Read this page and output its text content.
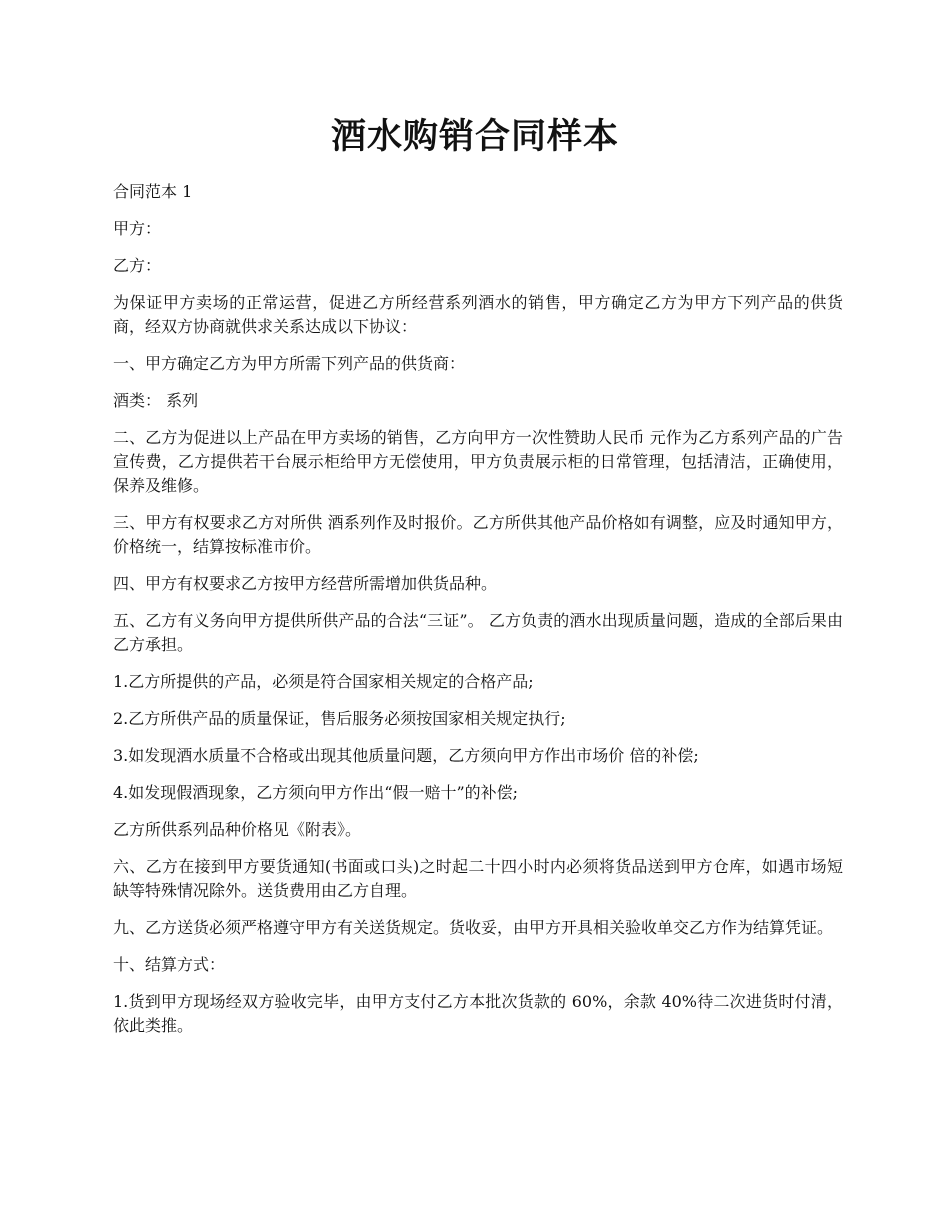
酒水购销合同样本

合同范本 1

甲方：

乙方：

为保证甲方卖场的正常运营，促进乙方所经营系列酒水的销售，甲方确定乙方为甲方下列产品的供货商，经双方协商就供求关系达成以下协议：

一、甲方确定乙方为甲方所需下列产品的供货商：

酒类： 系列

二、乙方为促进以上产品在甲方卖场的销售，乙方向甲方一次性赞助人民币 元作为乙方系列产品的广告宣传费，乙方提供若干台展示柜给甲方无偿使用，甲方负责展示柜的日常管理，包括清洁，正确使用，保养及维修。

三、甲方有权要求乙方对所供 酒系列作及时报价。乙方所供其他产品价格如有调整，应及时通知甲方，价格统一，结算按标准市价。

四、甲方有权要求乙方按甲方经营所需增加供货品种。

五、乙方有义务向甲方提供所供产品的合法“三证”。 乙方负责的酒水出现质量问题，造成的全部后果由乙方承担。

1.乙方所提供的产品，必须是符合国家相关规定的合格产品;

2.乙方所供产品的质量保证，售后服务必须按国家相关规定执行;

3.如发现酒水质量不合格或出现其他质量问题，乙方须向甲方作出市场价 倍的补偿;

4.如发现假酒现象，乙方须向甲方作出“假一赔十”的补偿;

乙方所供系列品种价格见《附表》。

六、乙方在接到甲方要货通知(书面或口头)之时起二十四小时内必须将货品送到甲方仓库，如遇市场短缺等特殊情况除外。送货费用由乙方自理。

九、乙方送货必须严格遵守甲方有关送货规定。货收妥，由甲方开具相关验收单交乙方作为结算凭证。

十、结算方式：

1.货到甲方现场经双方验收完毕，由甲方支付乙方本批次货款的 60%，余款 40%待二次进货时付清，依此类推。
